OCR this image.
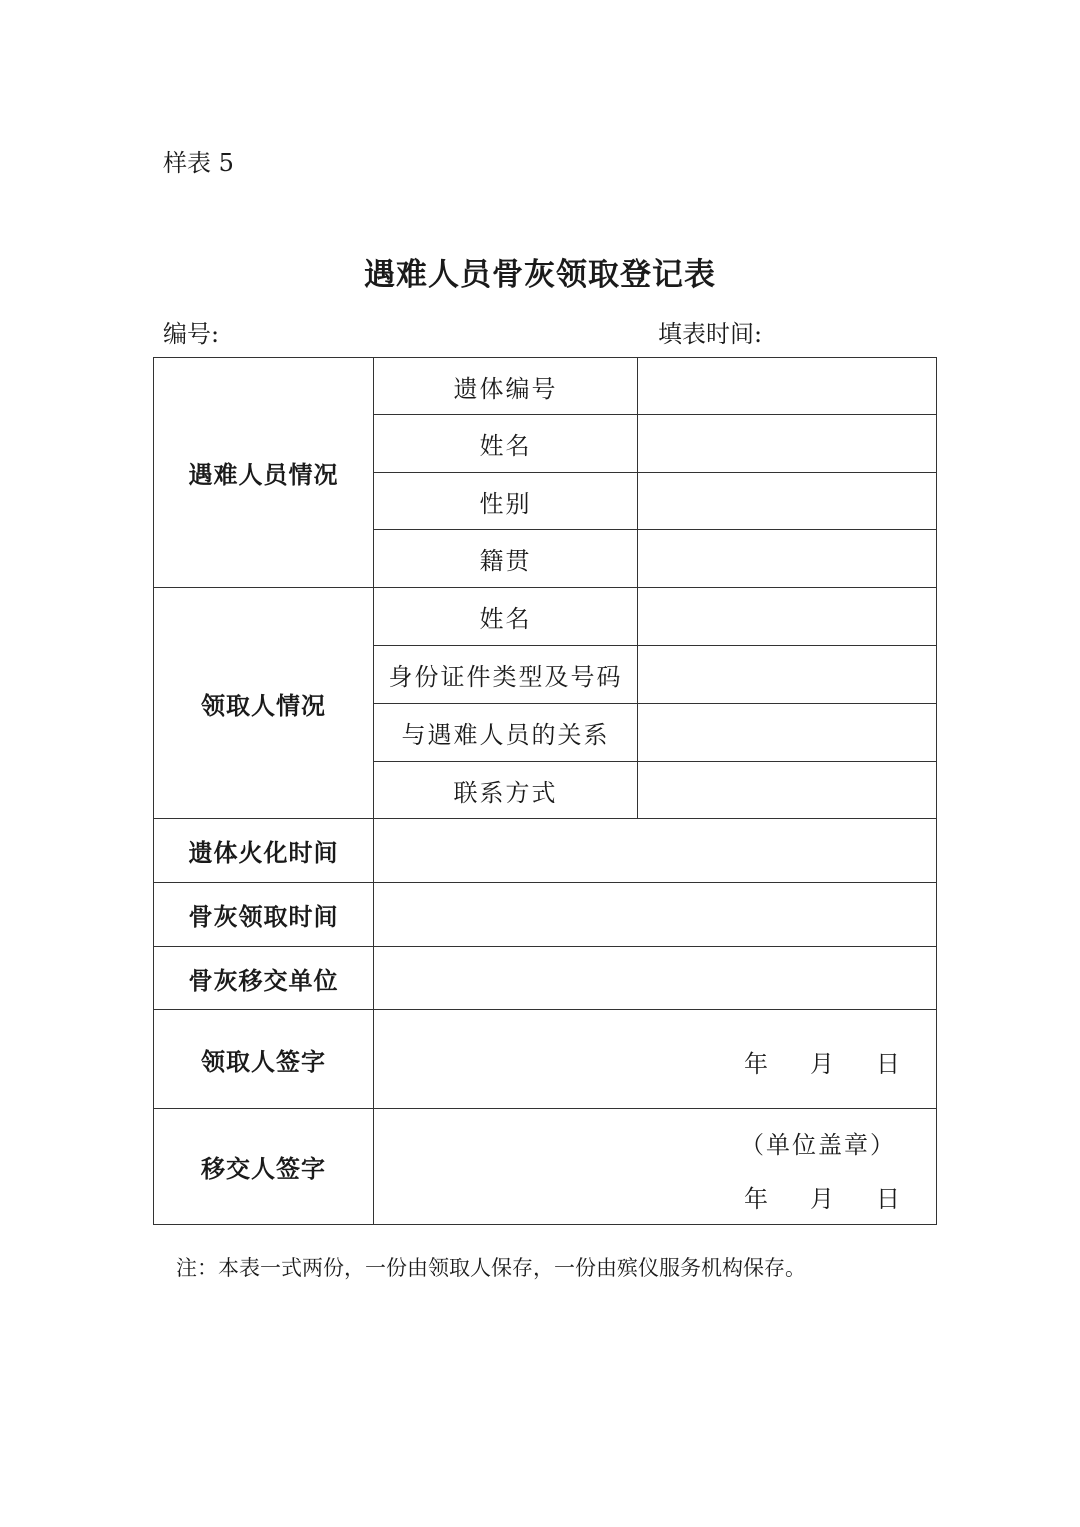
样表 5
遇难人员骨灰领取登记表
编号:	填表时间:
遇难人员情况	遗体编号	
	姓名	
	性别	
	籍贯	
领取人情况	姓名	
	身份证件类型及号码	
	与遇难人员的关系	
	联系方式	
遗体火化时间		
骨灰领取时间		
骨灰移交单位		
领取人签字	年 月 日	

移交人签字	（单位盖章）
年 月 日	
注：本表一式两份，一份由领取人保存，一份由殡仪服务机构保存。
